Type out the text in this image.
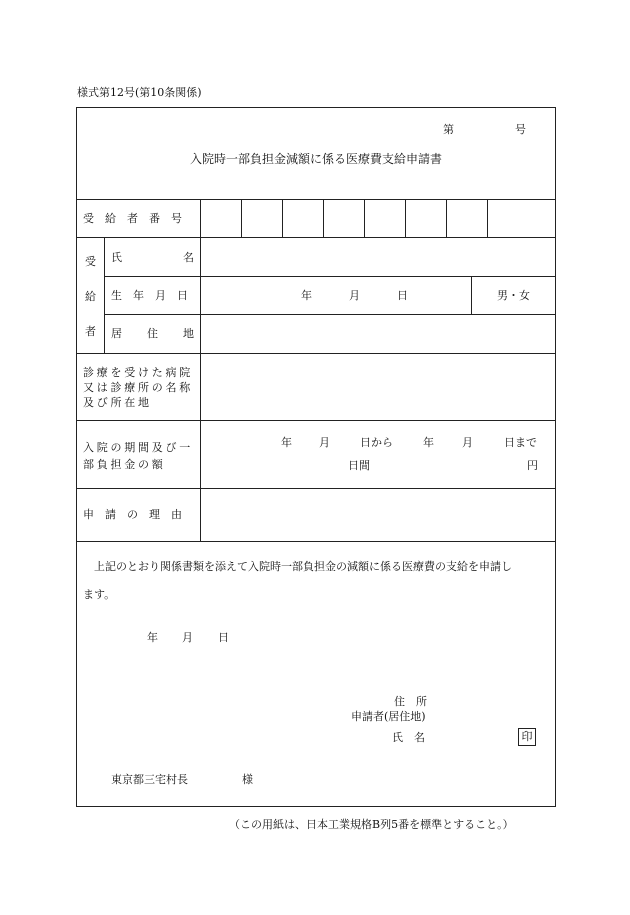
様式第12号(第10条関係)
第	号
入院時一部負担金減額に係る医療費支給申請書
受　給　者　番　号
受
給
者
氏	名
生　年　月　日	年	月	日	男・女
居 住 地
診療を受けた病院
又は診療所の名称
及び所在地
入院の期間及び一
部負担金の額
年 月	日から	年	月	日まで
日間	円
申　請　の　理　由
上記のとおり関係書類を添えて入院時一部負担金の減額に係る医療費の支給を申請し
ます。
年 月 日
住　所
申請者(居住地)
氏　名	印
東京都三宅村長	様
（この用紙は、日本工業規格B列5番を標準とすること。）
